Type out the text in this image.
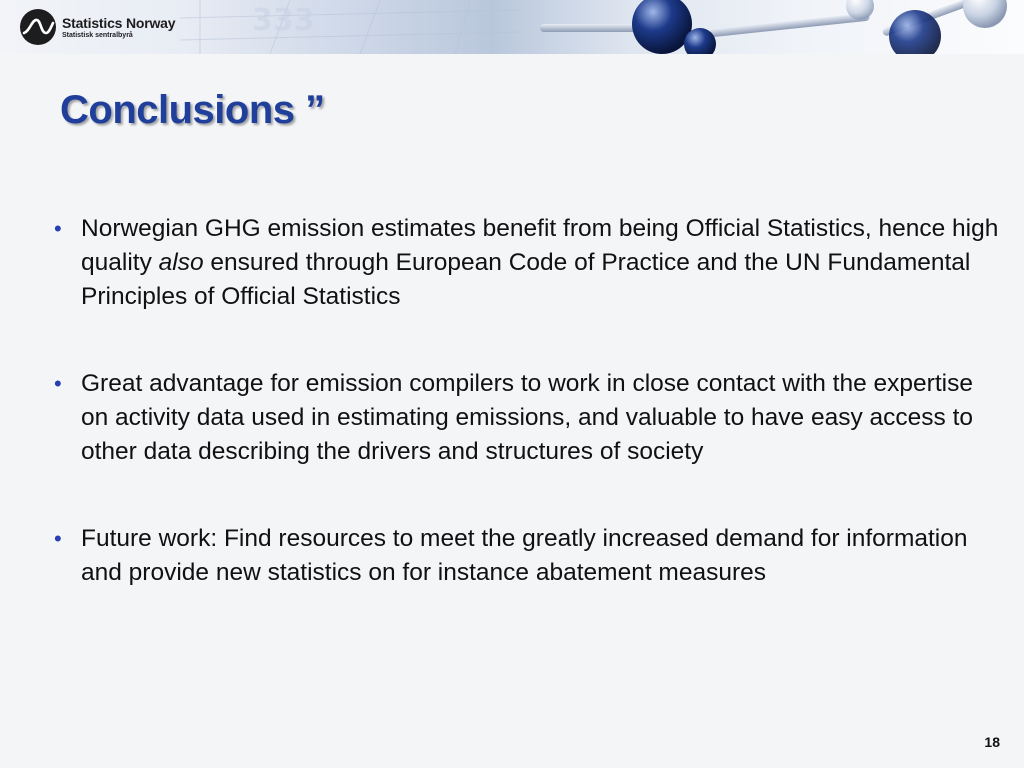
333
Statistics Norway
Statistisk sentralbyrå
Conclusions ”
• Norwegian GHG emission estimates benefit from being Official Statistics, hence high quality also ensured through European Code of Practice and the UN Fundamental Principles of Official Statistics
• Great advantage for emission compilers to work in close contact with the expertise on activity data used in estimating emissions, and valuable to have easy access to other data describing the drivers and structures of society
• Future work: Find resources to meet the greatly increased demand for information and provide new statistics on for instance abatement measures
18
